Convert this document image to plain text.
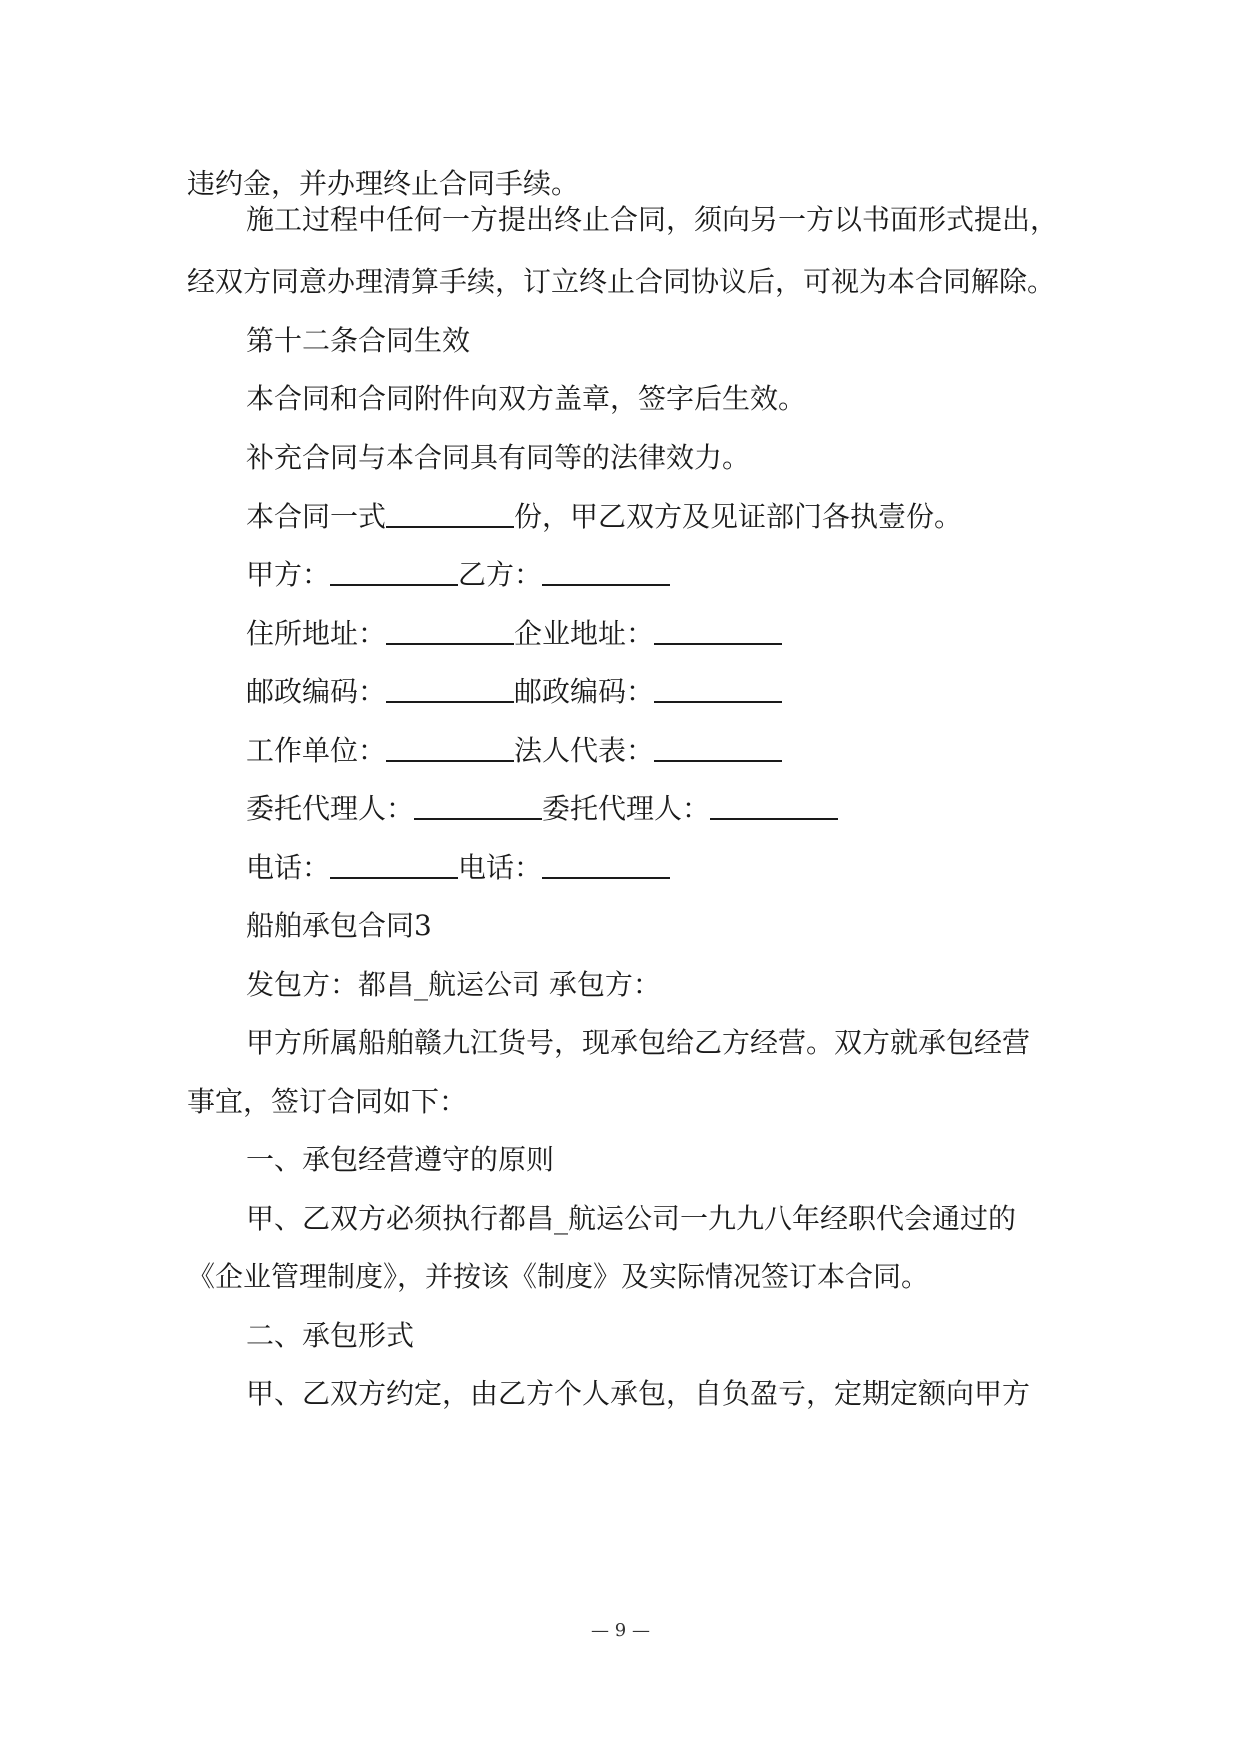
违约金，并办理终止合同手续。
施工过程中任何一方提出终止合同，须向另一方以书面形式提出，
经双方同意办理清算手续，订立终止合同协议后，可视为本合同解除。
第十二条合同生效
本合同和合同附件向双方盖章，签字后生效。
补充合同与本合同具有同等的法律效力。
本合同一式	份，甲乙双方及见证部门各执壹份。
甲方：	乙方：
住所地址：	企业地址：
邮政编码：	邮政编码：
工作单位：	法人代表：
委托代理人：	委托代理人：
电话：	电话：
船舶承包合同3
发包方：都昌_航运公司 承包方：
甲方所属船舶赣九江货号，现承包给乙方经营。双方就承包经营
事宜，签订合同如下：
一、承包经营遵守的原则
甲、乙双方必须执行都昌_航运公司一九九八年经职代会通过的
《企业管理制度》，并按该《制度》及实际情况签订本合同。
二、承包形式
甲、乙双方约定，由乙方个人承包，自负盈亏，定期定额向甲方
— 9 —
